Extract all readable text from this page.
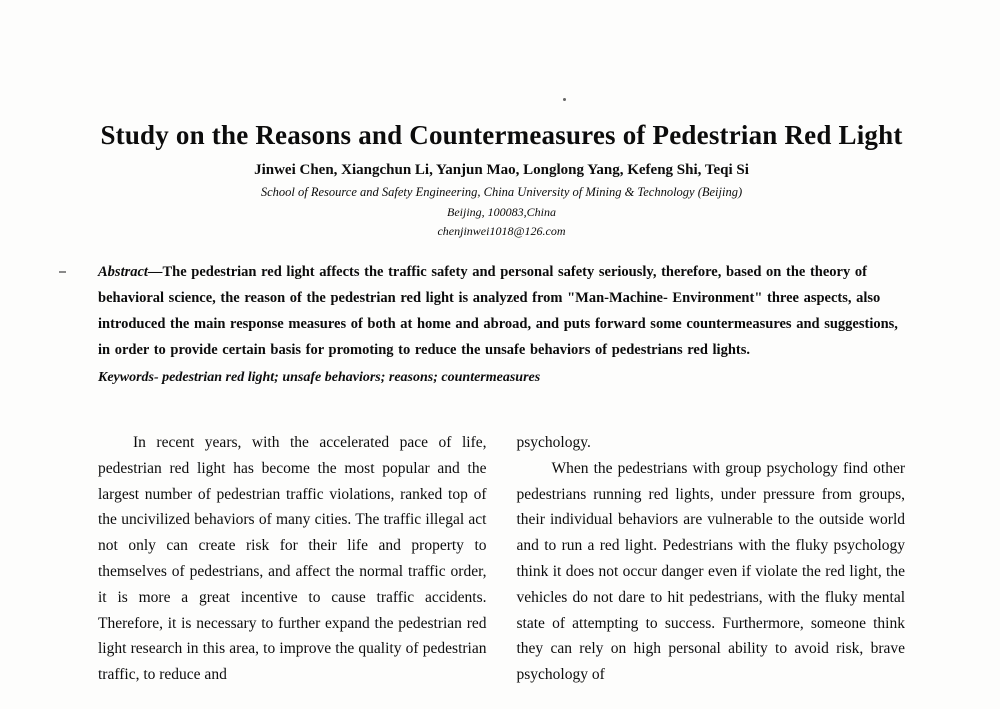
Study on the Reasons and Countermeasures of Pedestrian Red Light
Jinwei Chen, Xiangchun Li, Yanjun Mao, Longlong Yang, Kefeng Shi, Teqi Si
School of Resource and Safety Engineering, China University of Mining & Technology (Beijing)
Beijing, 100083,China
chenjinwei1018@126.com

Abstract—The pedestrian red light affects the traffic safety and personal safety seriously, therefore, based on the theory of behavioral science, the reason of the pedestrian red light is analyzed from "Man-Machine- Environment" three aspects, also introduced the main response measures of both at home and abroad, and puts forward some countermeasures and suggestions, in order to provide certain basis for promoting to reduce the unsafe behaviors of pedestrians red lights.

Keywords- pedestrian red light; unsafe behaviors; reasons; countermeasures

In recent years, with the accelerated pace of life, pedestrian red light has become the most popular and the largest number of pedestrian traffic violations, ranked top of the uncivilized behaviors of many cities. The traffic illegal act not only can create risk for their life and property to themselves of pedestrians, and affect the normal traffic order, it is more a great incentive to cause traffic accidents. Therefore, it is necessary to further expand the pedestrian red light research in this area, to improve the quality of pedestrian traffic, to reduce and

psychology.

When the pedestrians with group psychology find other pedestrians running red lights, under pressure from groups, their individual behaviors are vulnerable to the outside world and to run a red light. Pedestrians with the fluky psychology think it does not occur danger even if violate the red light, the vehicles do not dare to hit pedestrians, with the fluky mental state of attempting to success. Furthermore, someone think they can rely on high personal ability to avoid risk, brave psychology of
